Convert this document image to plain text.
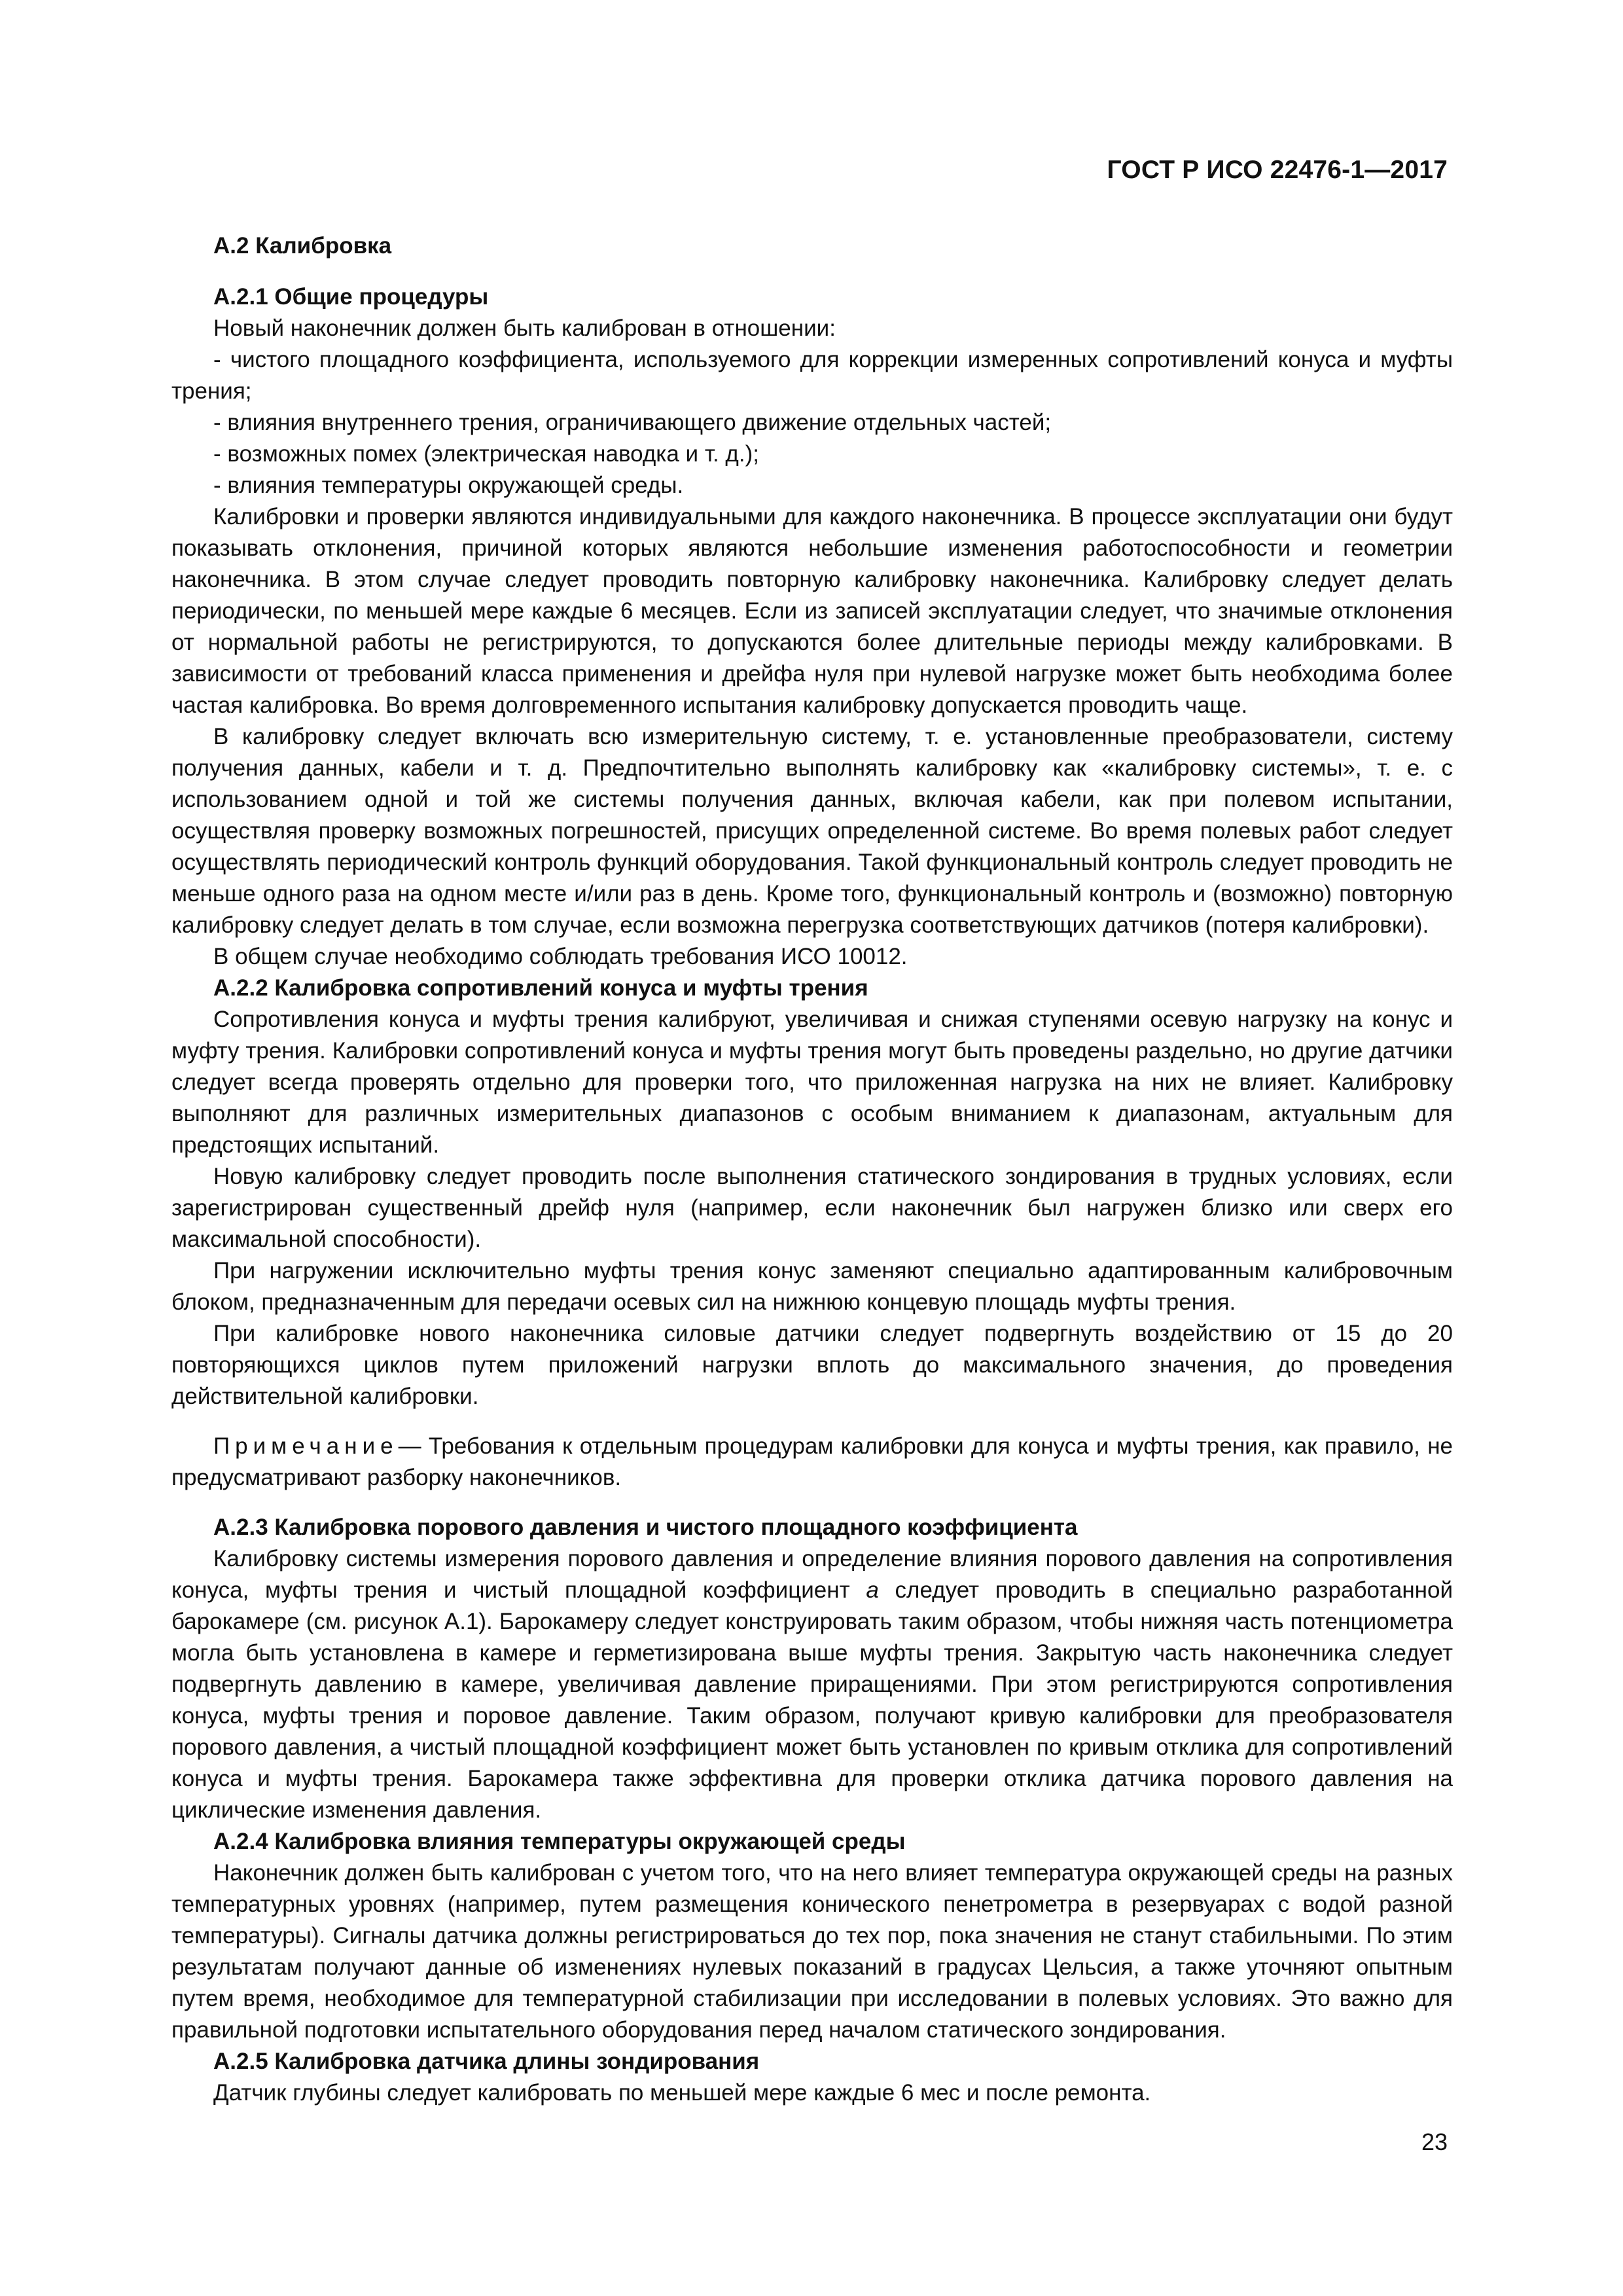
ГОСТ Р ИСО 22476-1—2017
А.2 Калибровка
А.2.1 Общие процедуры

Новый наконечник должен быть калиброван в отношении:

- чистого площадного коэффициента, используемого для коррекции измеренных сопротивлений конуса и муфты трения;

- влияния внутреннего трения, ограничивающего движение отдельных частей;

- возможных помех (электрическая наводка и т. д.);

- влияния температуры окружающей среды.

Калибровки и проверки являются индивидуальными для каждого наконечника. В процессе эксплуатации они будут показывать отклонения, причиной которых являются небольшие изменения работоспособности и геометрии наконечника. В этом случае следует проводить повторную калибровку наконечника. Калибровку следует делать периодически, по меньшей мере каждые 6 месяцев. Если из записей эксплуатации следует, что значимые отклонения от нормальной работы не регистрируются, то допускаются более длительные периоды между калибровками. В зависимости от требований класса применения и дрейфа нуля при нулевой нагрузке может быть необходима более частая калибровка. Во время долговременного испытания калибровку допускается проводить чаще.

В калибровку следует включать всю измерительную систему, т. е. установленные преобразователи, систему получения данных, кабели и т. д. Предпочтительно выполнять калибровку как «калибровку системы», т. е. с использованием одной и той же системы получения данных, включая кабели, как при полевом испытании, осуществляя проверку возможных погрешностей, присущих определенной системе. Во время полевых работ следует осуществлять периодический контроль функций оборудования. Такой функциональный контроль следует проводить не меньше одного раза на одном месте и/или раз в день. Кроме того, функциональный контроль и (возможно) повторную калибровку следует делать в том случае, если возможна перегрузка соответствующих датчиков (потеря калибровки).

В общем случае необходимо соблюдать требования ИСО 10012.

А.2.2 Калибровка сопротивлений конуса и муфты трения

Сопротивления конуса и муфты трения калибруют, увеличивая и снижая ступенями осевую нагрузку на конус и муфту трения. Калибровки сопротивлений конуса и муфты трения могут быть проведены раздельно, но другие датчики следует всегда проверять отдельно для проверки того, что приложенная нагрузка на них не влияет. Калибровку выполняют для различных измерительных диапазонов с особым вниманием к диапазонам, актуальным для предстоящих испытаний.

Новую калибровку следует проводить после выполнения статического зондирования в трудных условиях, если зарегистрирован существенный дрейф нуля (например, если наконечник был нагружен близко или сверх его максимальной способности).

При нагружении исключительно муфты трения конус заменяют специально адаптированным калибровочным блоком, предназначенным для передачи осевых сил на нижнюю концевую площадь муфты трения.

При калибровке нового наконечника силовые датчики следует подвергнуть воздействию от 15 до 20 повторяющихся циклов путем приложений нагрузки вплоть до максимального значения, до проведения действительной калибровки.

Примечание— Требования к отдельным процедурам калибровки для конуса и муфты трения, как правило, не предусматривают разборку наконечников.

А.2.3 Калибровка порового давления и чистого площадного коэффициента

Калибровку системы измерения порового давления и определение влияния порового давления на сопротивления конуса, муфты трения и чистый площадной коэффициент a следует проводить в специально разработанной барокамере (см. рисунок А.1). Барокамеру следует конструировать таким образом, чтобы нижняя часть потенциометра могла быть установлена в камере и герметизирована выше муфты трения. Закрытую часть наконечника следует подвергнуть давлению в камере, увеличивая давление приращениями. При этом регистрируются сопротивления конуса, муфты трения и поровое давление. Таким образом, получают кривую калибровки для преобразователя порового давления, а чистый площадной коэффициент может быть установлен по кривым отклика для сопротивлений конуса и муфты трения. Барокамера также эффективна для проверки отклика датчика порового давления на циклические изменения давления.

А.2.4 Калибровка влияния температуры окружающей среды

Наконечник должен быть калиброван с учетом того, что на него влияет температура окружающей среды на разных температурных уровнях (например, путем размещения конического пенетрометра в резервуарах с водой разной температуры). Сигналы датчика должны регистрироваться до тех пор, пока значения не станут стабильными. По этим результатам получают данные об изменениях нулевых показаний в градусах Цельсия, а также уточняют опытным путем время, необходимое для температурной стабилизации при исследовании в полевых условиях. Это важно для правильной подготовки испытательного оборудования перед началом статического зондирования.

А.2.5 Калибровка датчика длины зондирования

Датчик глубины следует калибровать по меньшей мере каждые 6 мес и после ремонта.

23
